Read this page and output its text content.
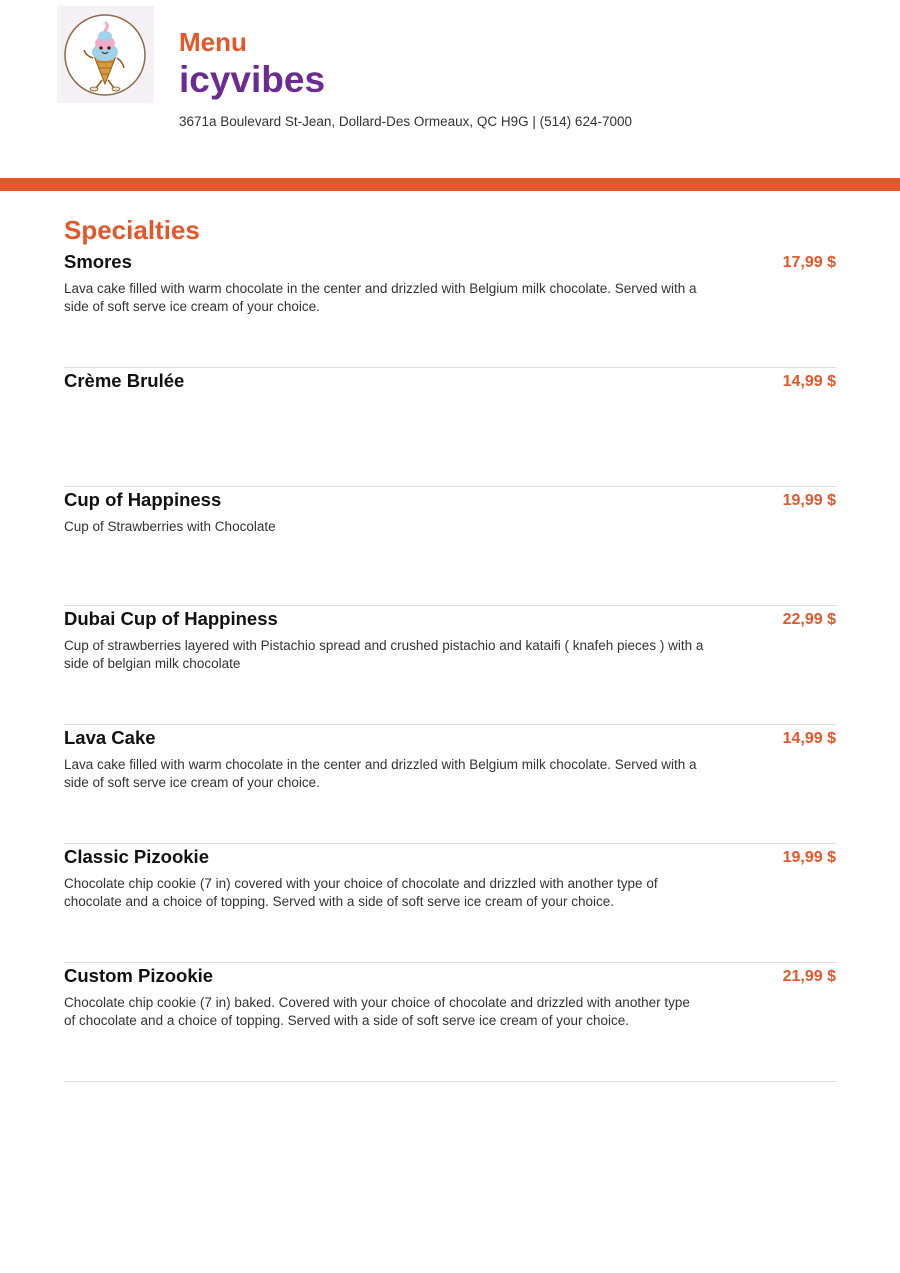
Menu
icyvibes
3671a Boulevard St-Jean, Dollard-Des Ormeaux, QC H9G | (514) 624-7000
Specialties
Smores	17,99 $

Lava cake filled with warm chocolate in the center and drizzled with Belgium milk chocolate. Served with a side of soft serve ice cream of your choice.

Crème Brulée	14,99 $

Cup of Happiness	19,99 $

Cup of Strawberries with Chocolate

Dubai Cup of Happiness	22,99 $

Cup of strawberries layered with Pistachio spread and crushed pistachio and kataifi ( knafeh pieces ) with a side of belgian milk chocolate

Lava Cake	14,99 $

Lava cake filled with warm chocolate in the center and drizzled with Belgium milk chocolate. Served with a side of soft serve ice cream of your choice.

Classic Pizookie	19,99 $

Chocolate chip cookie (7 in) covered with your choice of chocolate and drizzled with another type of chocolate and a choice of topping. Served with a side of soft serve ice cream of your choice.

Custom Pizookie	21,99 $

Chocolate chip cookie (7 in) baked. Covered with your choice of chocolate and drizzled with another type of chocolate and a choice of topping. Served with a side of soft serve ice cream of your choice.
